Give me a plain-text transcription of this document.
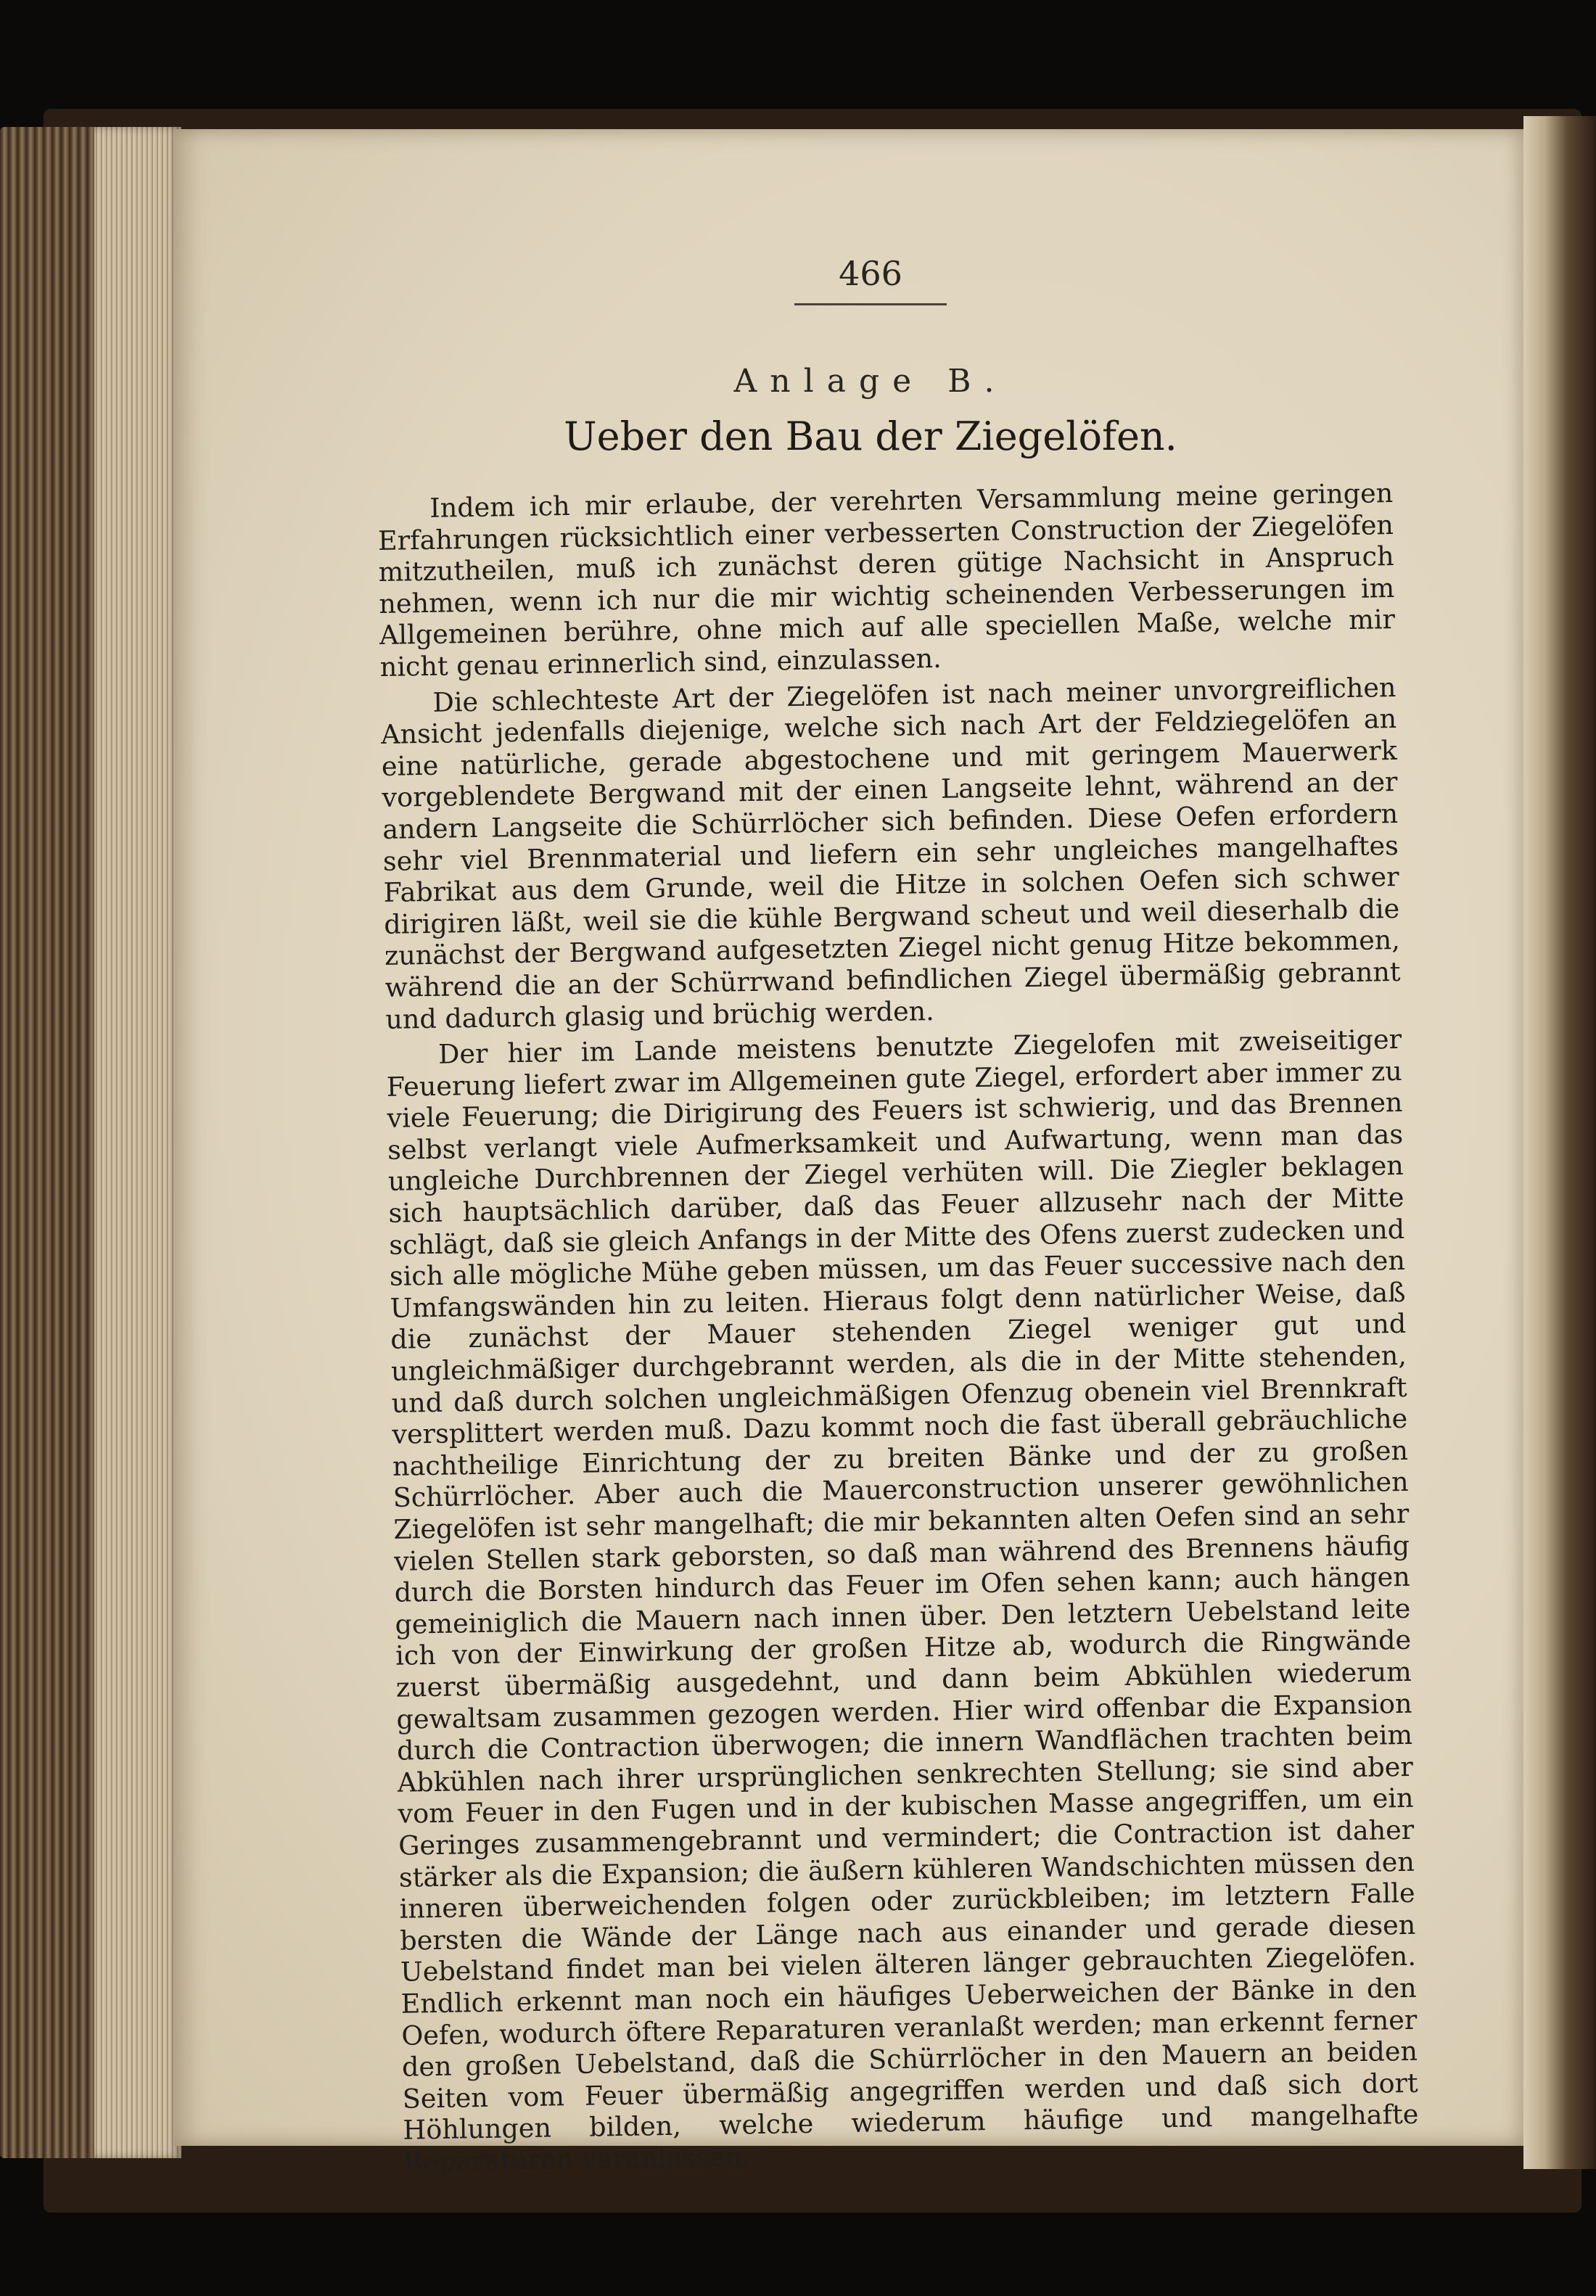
466
Anlage B.
Ueber den Bau der Ziegelöfen.

Indem ich mir erlaube, der verehrten Versammlung meine geringen Erfahrungen rücksichtlich einer verbesserten Construction der Ziegelöfen mitzutheilen, muß ich zunächst deren gütige Nachsicht in Anspruch nehmen, wenn ich nur die mir wichtig scheinenden Verbesserungen im Allgemeinen berühre, ohne mich auf alle speciellen Maße, welche mir nicht genau erinnerlich sind, einzulassen.

Die schlechteste Art der Ziegelöfen ist nach meiner unvorgreiflichen Ansicht jedenfalls diejenige, welche sich nach Art der Feldziegelöfen an eine natürliche, gerade abgestochene und mit geringem Mauerwerk vorgeblendete Bergwand mit der einen Langseite lehnt, während an der andern Langseite die Schürrlöcher sich befinden. Diese Oefen erfordern sehr viel Brennmaterial und liefern ein sehr ungleiches mangelhaftes Fabrikat aus dem Grunde, weil die Hitze in solchen Oefen sich schwer dirigiren läßt, weil sie die kühle Bergwand scheut und weil dieserhalb die zunächst der Bergwand aufgesetzten Ziegel nicht genug Hitze bekommen, während die an der Schürrwand befindlichen Ziegel übermäßig gebrannt und dadurch glasig und brüchig werden.

Der hier im Lande meistens benutzte Ziegelofen mit zweiseitiger Feuerung liefert zwar im Allgemeinen gute Ziegel, erfordert aber immer zu viele Feuerung; die Dirigirung des Feuers ist schwierig, und das Brennen selbst verlangt viele Aufmerksamkeit und Aufwartung, wenn man das ungleiche Durchbrennen der Ziegel verhüten will. Die Ziegler beklagen sich hauptsächlich darüber, daß das Feuer allzusehr nach der Mitte schlägt, daß sie gleich Anfangs in der Mitte des Ofens zuerst zudecken und sich alle mögliche Mühe geben müssen, um das Feuer successive nach den Umfangswänden hin zu leiten. Hieraus folgt denn natürlicher Weise, daß die zunächst der Mauer stehenden Ziegel weniger gut und ungleichmäßiger durchgebrannt werden, als die in der Mitte stehenden, und daß durch solchen ungleichmäßigen Ofenzug obenein viel Brennkraft versplittert werden muß. Dazu kommt noch die fast überall gebräuchliche nachtheilige Einrichtung der zu breiten Bänke und der zu großen Schürrlöcher. Aber auch die Mauerconstruction unserer gewöhnlichen Ziegelöfen ist sehr mangelhaft; die mir bekannten alten Oefen sind an sehr vielen Stellen stark geborsten, so daß man während des Brennens häufig durch die Borsten hindurch das Feuer im Ofen sehen kann; auch hängen gemeiniglich die Mauern nach innen über. Den letztern Uebelstand leite ich von der Einwirkung der großen Hitze ab, wodurch die Ringwände zuerst übermäßig ausgedehnt, und dann beim Abkühlen wiederum gewaltsam zusammen gezogen werden. Hier wird offenbar die Expansion durch die Contraction überwogen; die innern Wandflächen trachten beim Abkühlen nach ihrer ursprünglichen senkrechten Stellung; sie sind aber vom Feuer in den Fugen und in der kubischen Masse angegriffen, um ein Geringes zusammengebrannt und vermindert; die Contraction ist daher stärker als die Expansion; die äußern kühleren Wandschichten müssen den inneren überweichenden folgen oder zurückbleiben; im letztern Falle bersten die Wände der Länge nach aus einander und gerade diesen Uebelstand findet man bei vielen älteren länger gebrauchten Ziegelöfen. Endlich erkennt man noch ein häufiges Ueberweichen der Bänke in den Oefen, wodurch öftere Reparaturen veranlaßt werden; man erkennt ferner den großen Uebelstand, daß die Schürrlöcher in den Mauern an beiden Seiten vom Feuer übermäßig angegriffen werden und daß sich dort Höhlungen bilden, welche wiederum häufige und mangelhafte Reparaturen veranlassen.
